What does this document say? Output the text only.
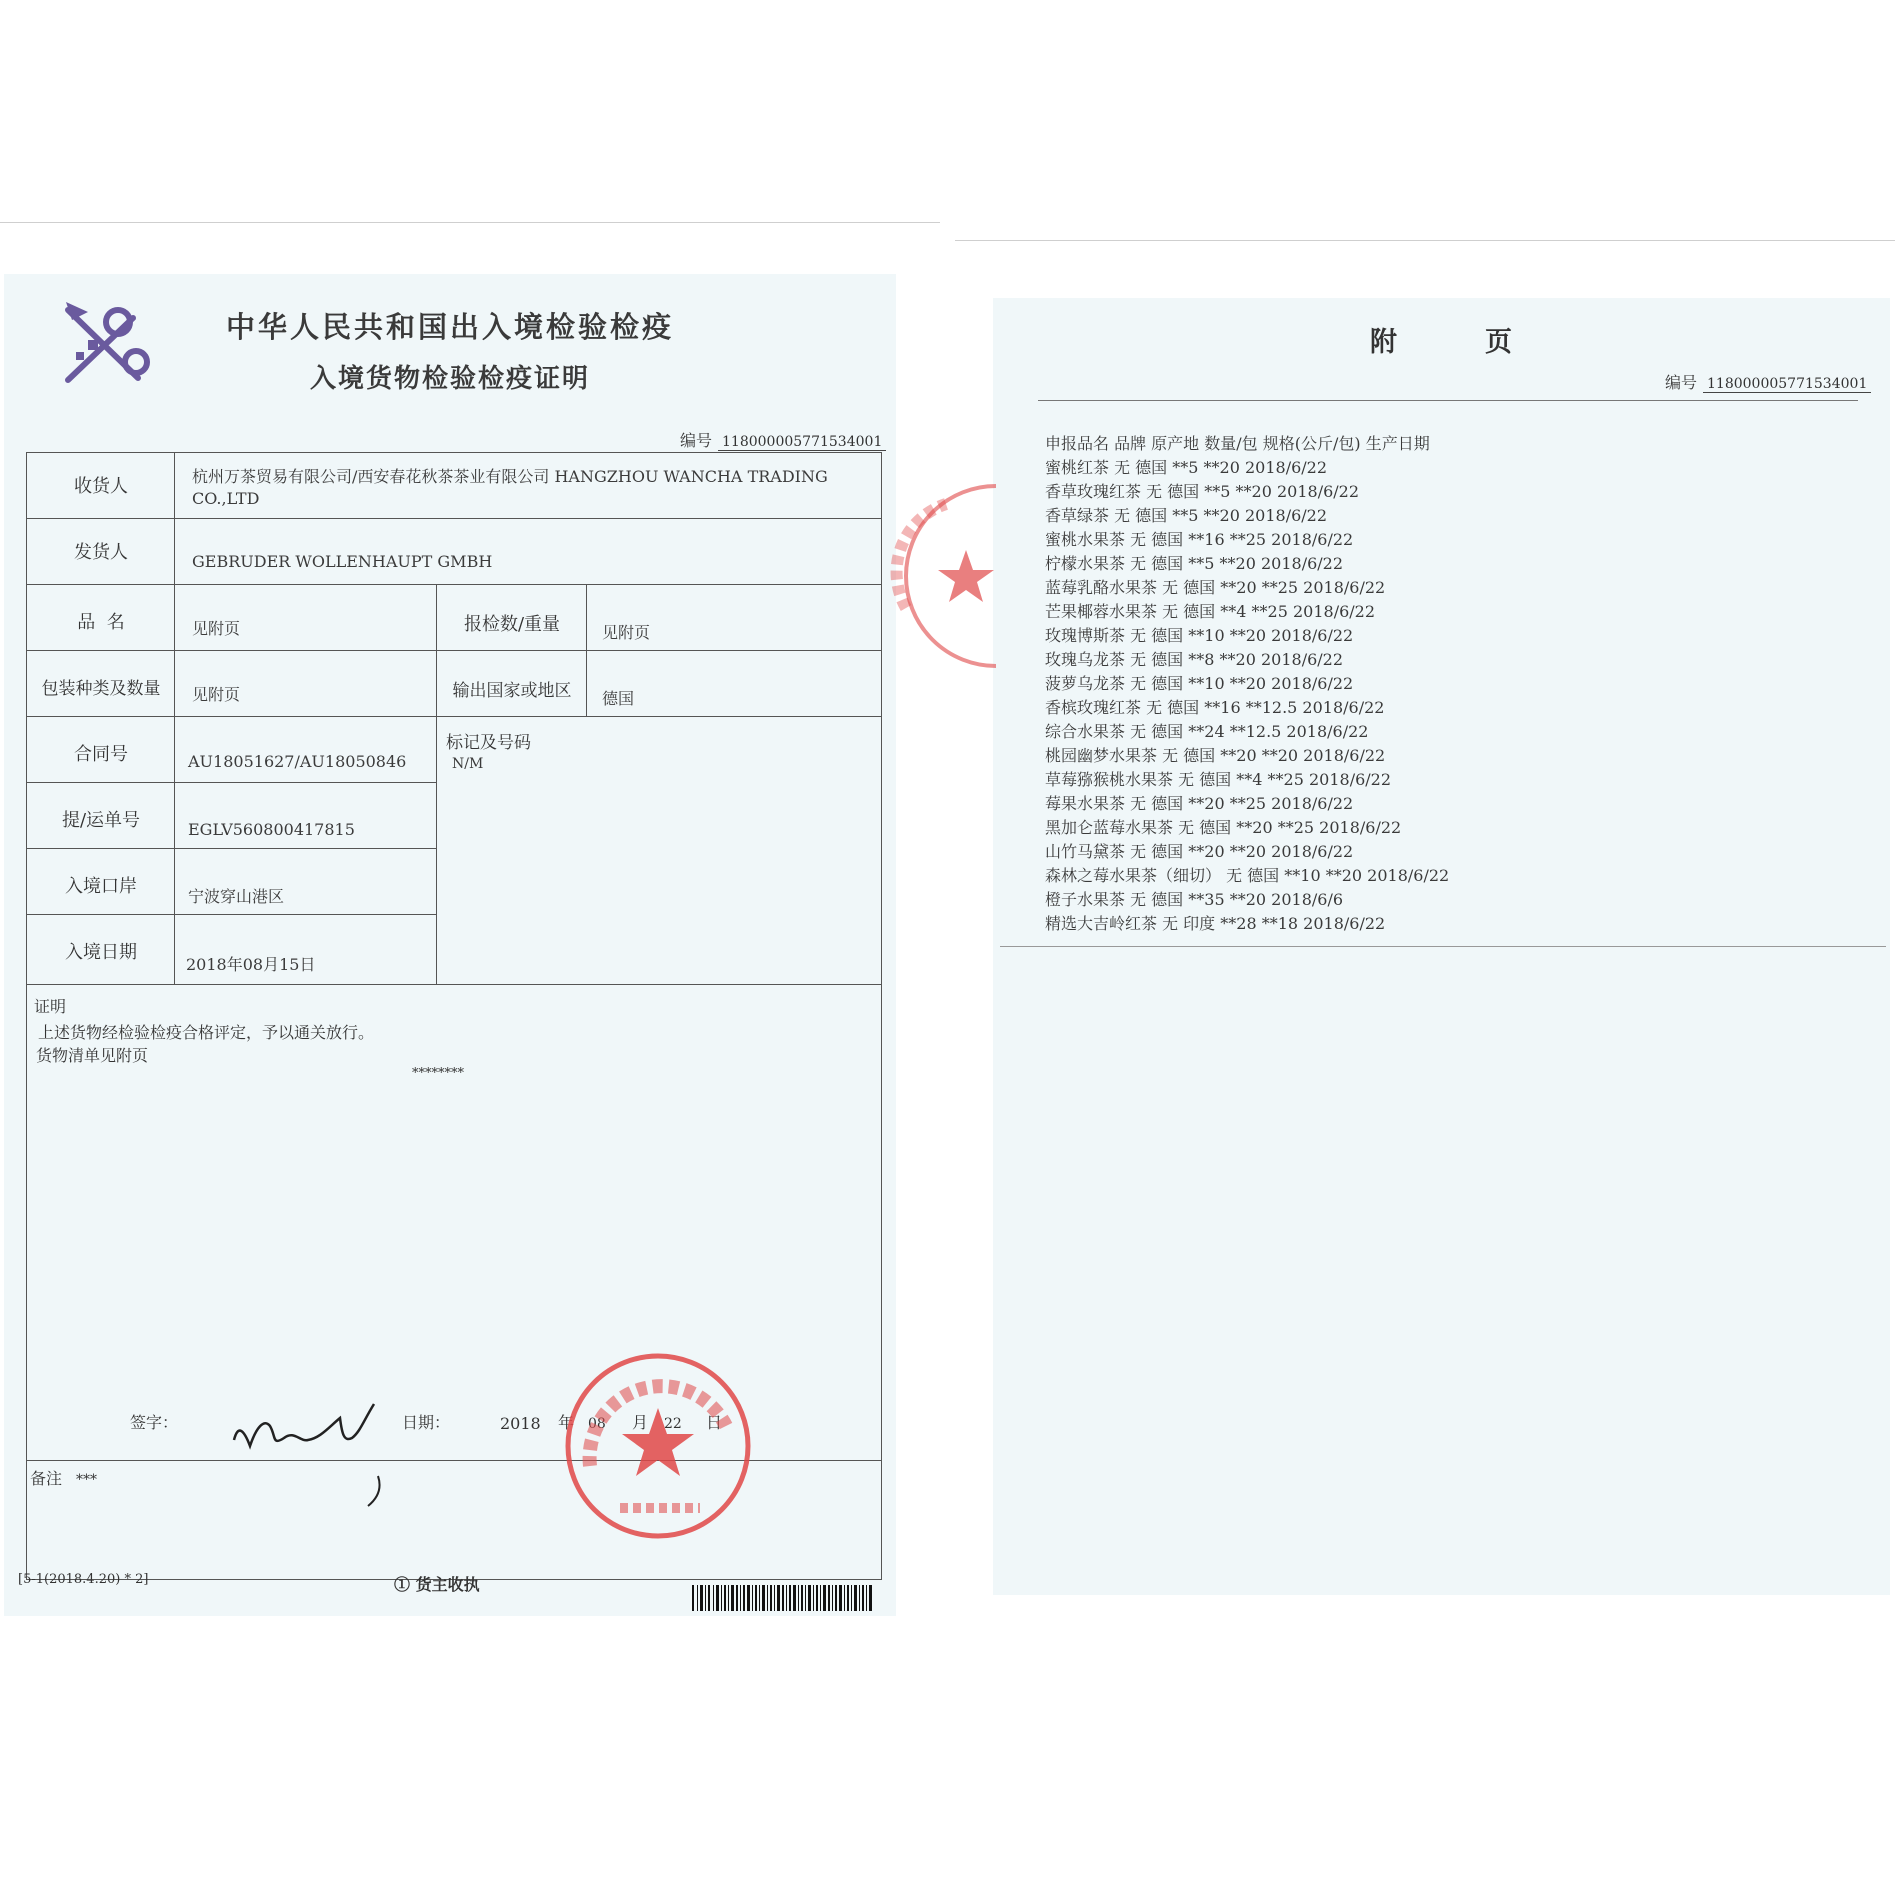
中华人民共和国出入境检验检疫
入境货物检验检疫证明
编号 118000005771534001
收货人	杭州万茶贸易有限公司/西安春花秋茶茶业有限公司 HANGZHOU WANCHA TRADING CO.,LTD
发货人	GEBRUDER WOLLENHAUPT GMBH
品  名	见附页	报检数/重量	见附页
包装种类及数量	见附页	输出国家或地区	德国
合同号	AU18051627/AU18050846
标记及号码
N/M
提/运单号	EGLV560800417815
入境口岸	宁波穿山港区
入境日期
2018年08月15日
证明
上述货物经检验检疫合格评定，予以通关放行。
货物清单见附页
********
签字：	日期：	2018 年 08 月 22 日
备注 ***
[5-1(2018.4.20) * 2]	① 货主收执
附	页
编号 118000005771534001
申报品名 品牌 原产地 数量/包 规格(公斤/包) 生产日期
蜜桃红茶 无 德国 **5 **20 2018/6/22
香草玫瑰红茶 无 德国 **5 **20 2018/6/22
香草绿茶 无 德国 **5 **20 2018/6/22
蜜桃水果茶 无 德国 **16 **25 2018/6/22
柠檬水果茶 无 德国 **5 **20 2018/6/22
蓝莓乳酪水果茶 无 德国 **20 **25 2018/6/22
芒果椰蓉水果茶 无 德国 **4 **25 2018/6/22
玫瑰博斯茶 无 德国 **10 **20 2018/6/22
玫瑰乌龙茶 无 德国 **8 **20 2018/6/22
菠萝乌龙茶 无 德国 **10 **20 2018/6/22
香槟玫瑰红茶 无 德国 **16 **12.5 2018/6/22
综合水果茶 无 德国 **24 **12.5 2018/6/22
桃园幽梦水果茶 无 德国 **20 **20 2018/6/22
草莓猕猴桃水果茶 无 德国 **4 **25 2018/6/22
莓果水果茶 无 德国 **20 **25 2018/6/22
黑加仑蓝莓水果茶 无 德国 **20 **25 2018/6/22
山竹马黛茶 无 德国 **20 **20 2018/6/22
森林之莓水果茶（细切） 无 德国 **10 **20 2018/6/22
橙子水果茶 无 德国 **35 **20 2018/6/6
精选大吉岭红茶 无 印度 **28 **18 2018/6/22
